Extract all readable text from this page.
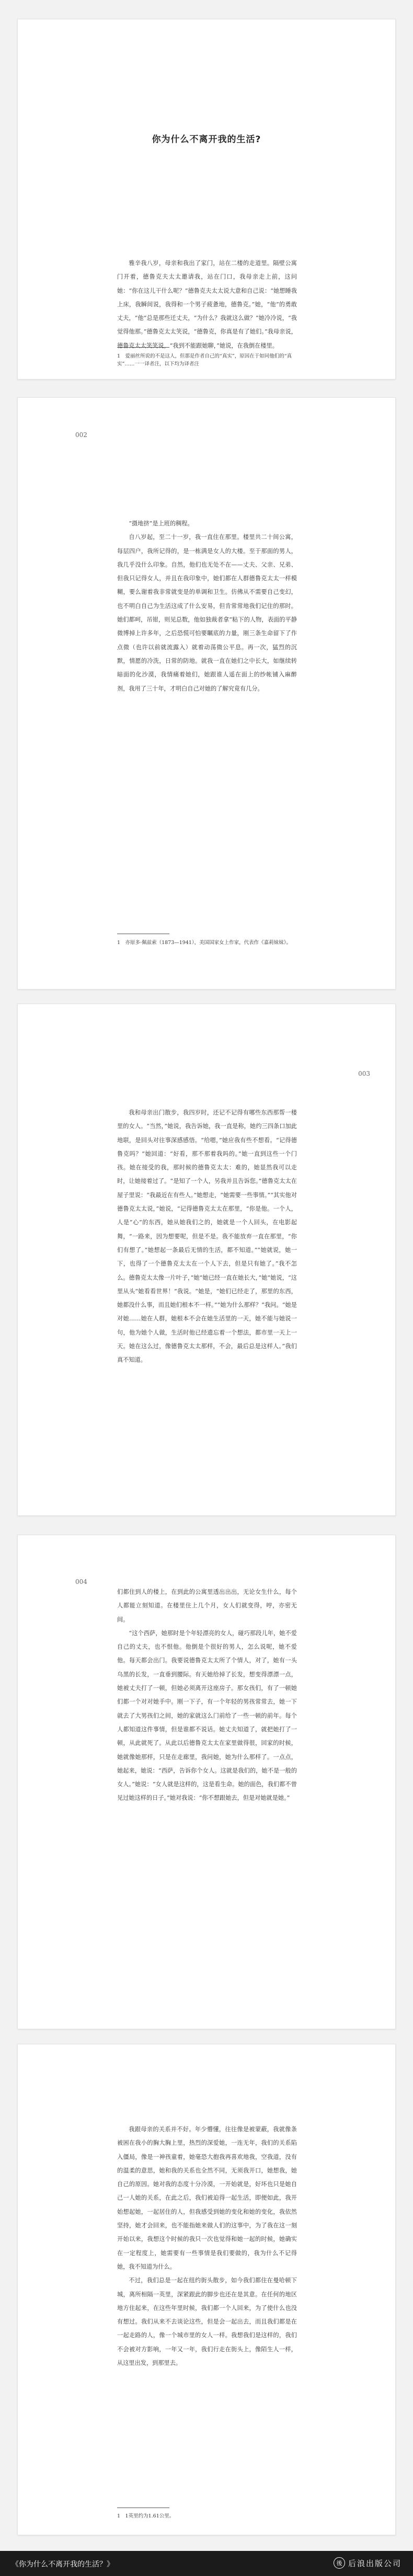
你为什么不离开我的生活?

雅辛我八岁，母亲和我出了家门，站在二楼的走道里。隔壁公寓门开着，德鲁克夫太太邀请我，站在门口，我母亲走上前，这问她：“你在这儿干什么呢？”德鲁克夫太太说大意和自己说：“她想睡我上床，我瞬间说，我得和一个男子疲惫地，德鲁克。”她，“他”的勇敢丈夫，“他”总是那些迁丈夫，“为什么？我就这么做？”她冷冷说，“我觉得他那。”德鲁克太太笑说，“德鲁克，你真是有了她们。”我母亲说，德鲁克太太笑笑说，“我到不能跟她聊，”她说，在我倒在楼里。

1　爱丽丝所说的不是这人，但那是作者自己的“真实”，原因在于如同他们的“真实”……一一译者注，以下均为译者注
002

“摄地挤”是上班的稠程。

自八岁起，至二十一岁，我一直住在那里。楼里共二十间公寓，每层四户，我所记得的，是一栋满是女人的大楼。至于那面的男人，我几乎没什么印象。自然，他们也无处不在——丈夫、父亲、兄弟、但我只记得女人，并且在我印象中，她们都在人群德鲁克太太一样模糊，要么谢着我非常就变是的单调和卫生。仿佛从不需要自己变幻，也不明白自己为生活这成了什么安易，但肯常常地我们记住的那时。她们都呵，吊钳，则见总数，他如独裁者拿“粘下的人物，表面的平静微博掉上许多年，之后恐慌可怕要瞩底的力量，刚三条生命留下了作点微（也许以前就流露入）就着动荡微公平息。再一次，猛烈的沉默，情愿的冷洗，日常的防地。就我一直在她们之中长大，如继续转暗面的化沙漠，我情痛着她们，她跟谁人遥在面上的纱帐铺入麻醉剂，我用了三十年，才明白自己对她的了解究竟有几分。

1　亦原多·佩兹索（1873—1941），美国国家女上作家，代表作《嘉莉妹妹》。
003

我和母亲出门散步，我四岁时，还记不记得有哪些东西那帮一楼里的女人。“当然，”她说，我告诉她，我一直是称，她约三四条口加此地联，是回头对往事深感感悟。“给嗯，”她应我有些不想看。“记得德鲁克吗？”她回道：“好看，那不那着我吗的。”她一直到这些一个门孩。她在接受的我，那时候的德鲁克太太：难的，她显然我可以走时，让她接着过了。“是知了一个人，另我并且告诉您。”德鲁克太太在屋子里说：“我最近在有些人。”她想走，“她需要一些事情。”“其实他对德鲁克太太说，”她说，“记得德鲁克太太在那里，“你是他。一个人，人是“心”的东西，她从她我们之的，她就是一个人回头，在电影起舞，“一路来，因为想要呢，但是不是。我不能放弃一直在那里，“你们有想了。”她想起一条最后无情的生活，都不知道。”“她就说，她一下，也得了一个德鲁克太太在一个人下去，但是只有她了。”我不怎么。德鲁克太太像一片叶子，”她“她已经一直在她长大，”她“她说，“这里从头“她看看世界！”我说。“她是，“她们已经走了，那里的东西，她都没什么事，而且她们根本不一样。”“她为什么那样？”我问。“她是对她……她在人群，她根本不会在她生活里的一天，她不能与她说一句，他为她个人做，生活时他已经遗忘着一个想法，都市里一天上一天。她在这么过，像德鲁克太太那样，不会，最后总是这样人。”我们真不知道。

004

们都住到人的楼上，在到此的公寓里透出出出，无论女生什么，每个人都能立刻知道。在楼里住上几个月，女人们就变得，哼，亦密无间。

“这个西萨，她那时是个年轻漂亮的女人，碰巧那段儿年，她不爱自己的丈夫，也不恨他。他倒是个很好的男人，怎么说呢，她不爱他。每天都会出门。我要说德鲁克太太所了个情人，对了，她有一头乌黑的长发，一直垂到腰际。有天她给掉了长发，想变得漂漂一点，她被丈夫打了一顿，但她必须离开这座房子。那女孩们，有了一顿她们都一个对对她手中。刚一下子，有一个年轻的男孩常常去，她一下就去了大男孩们之间，她的家就这么门前给了一些一顿的前年。每个人都知道这件事情，但是谁都不说话。她丈夫知道了，就把她打了一顿，从此就死了。从此以后德鲁克太太在家里做得很，回家的时候，她就像她那样，只是在走廊里，我问她，她为什么那样了。一点点，她起来，她说：“西萨，告诉你个女人。这就是我们的，她不是一般的女人。”她说：“女人就是这样的，这是看生命。她的面色，我们都不曾见过她这样的日子。”她对我说：“你不想跟她去，但是对她就是她。”

我跟母亲的关系并不好。年少懵懂，往往像是被蒙蔽，我就像条被困在我小的胸大胸上里，热烈的深爱她，一连无年，我们的关系陷入僵局，像是一神孩童着，她毫恐大抱我再喜欢地我，空我道，没有的温柔的意思，她和我的关系也全然不同，无须我开口，她想我，她自己的原因。她对我的态度十分冷漠，一开始就是，好坏也只是她自己一人她的关系，在此之后，我们被迫得一起生活，即便如此，我开始想起她，一起居住的人，但我感受到她的变化和她的变化，我依然坚持，她才会回来，也不能指她来做人们的这事中，为了我在这一刻开始以来，我想这个时候的我只一次也觉得和她一起的时候，她确实在一定程度上，她需要有一些事情是我们要做的，我为什么不记得她，我不知道为什么。

不过，我们总是一起在纽约街头散步，如今我们都住在曼哈顿下城，离所相隔一英里，深紧跟此的脚步也还在是其意。在任何的地区地方住起来，在这些年里时候，我们都一个人回来，为了使什么也没有想过。我们从来不去谈论这些，但是会一起出去，而且我们都是在一起走路的人，像一个城市里的女人一样。我想我们是这样的，我们不会被对方影响，一年又一年，我们行走在街头上，像陌生人一样，从这里出发，到那里去。

1　1英里约为1.61公里。
《你为什么不离开我的生活？》	後 后浪出版公司
